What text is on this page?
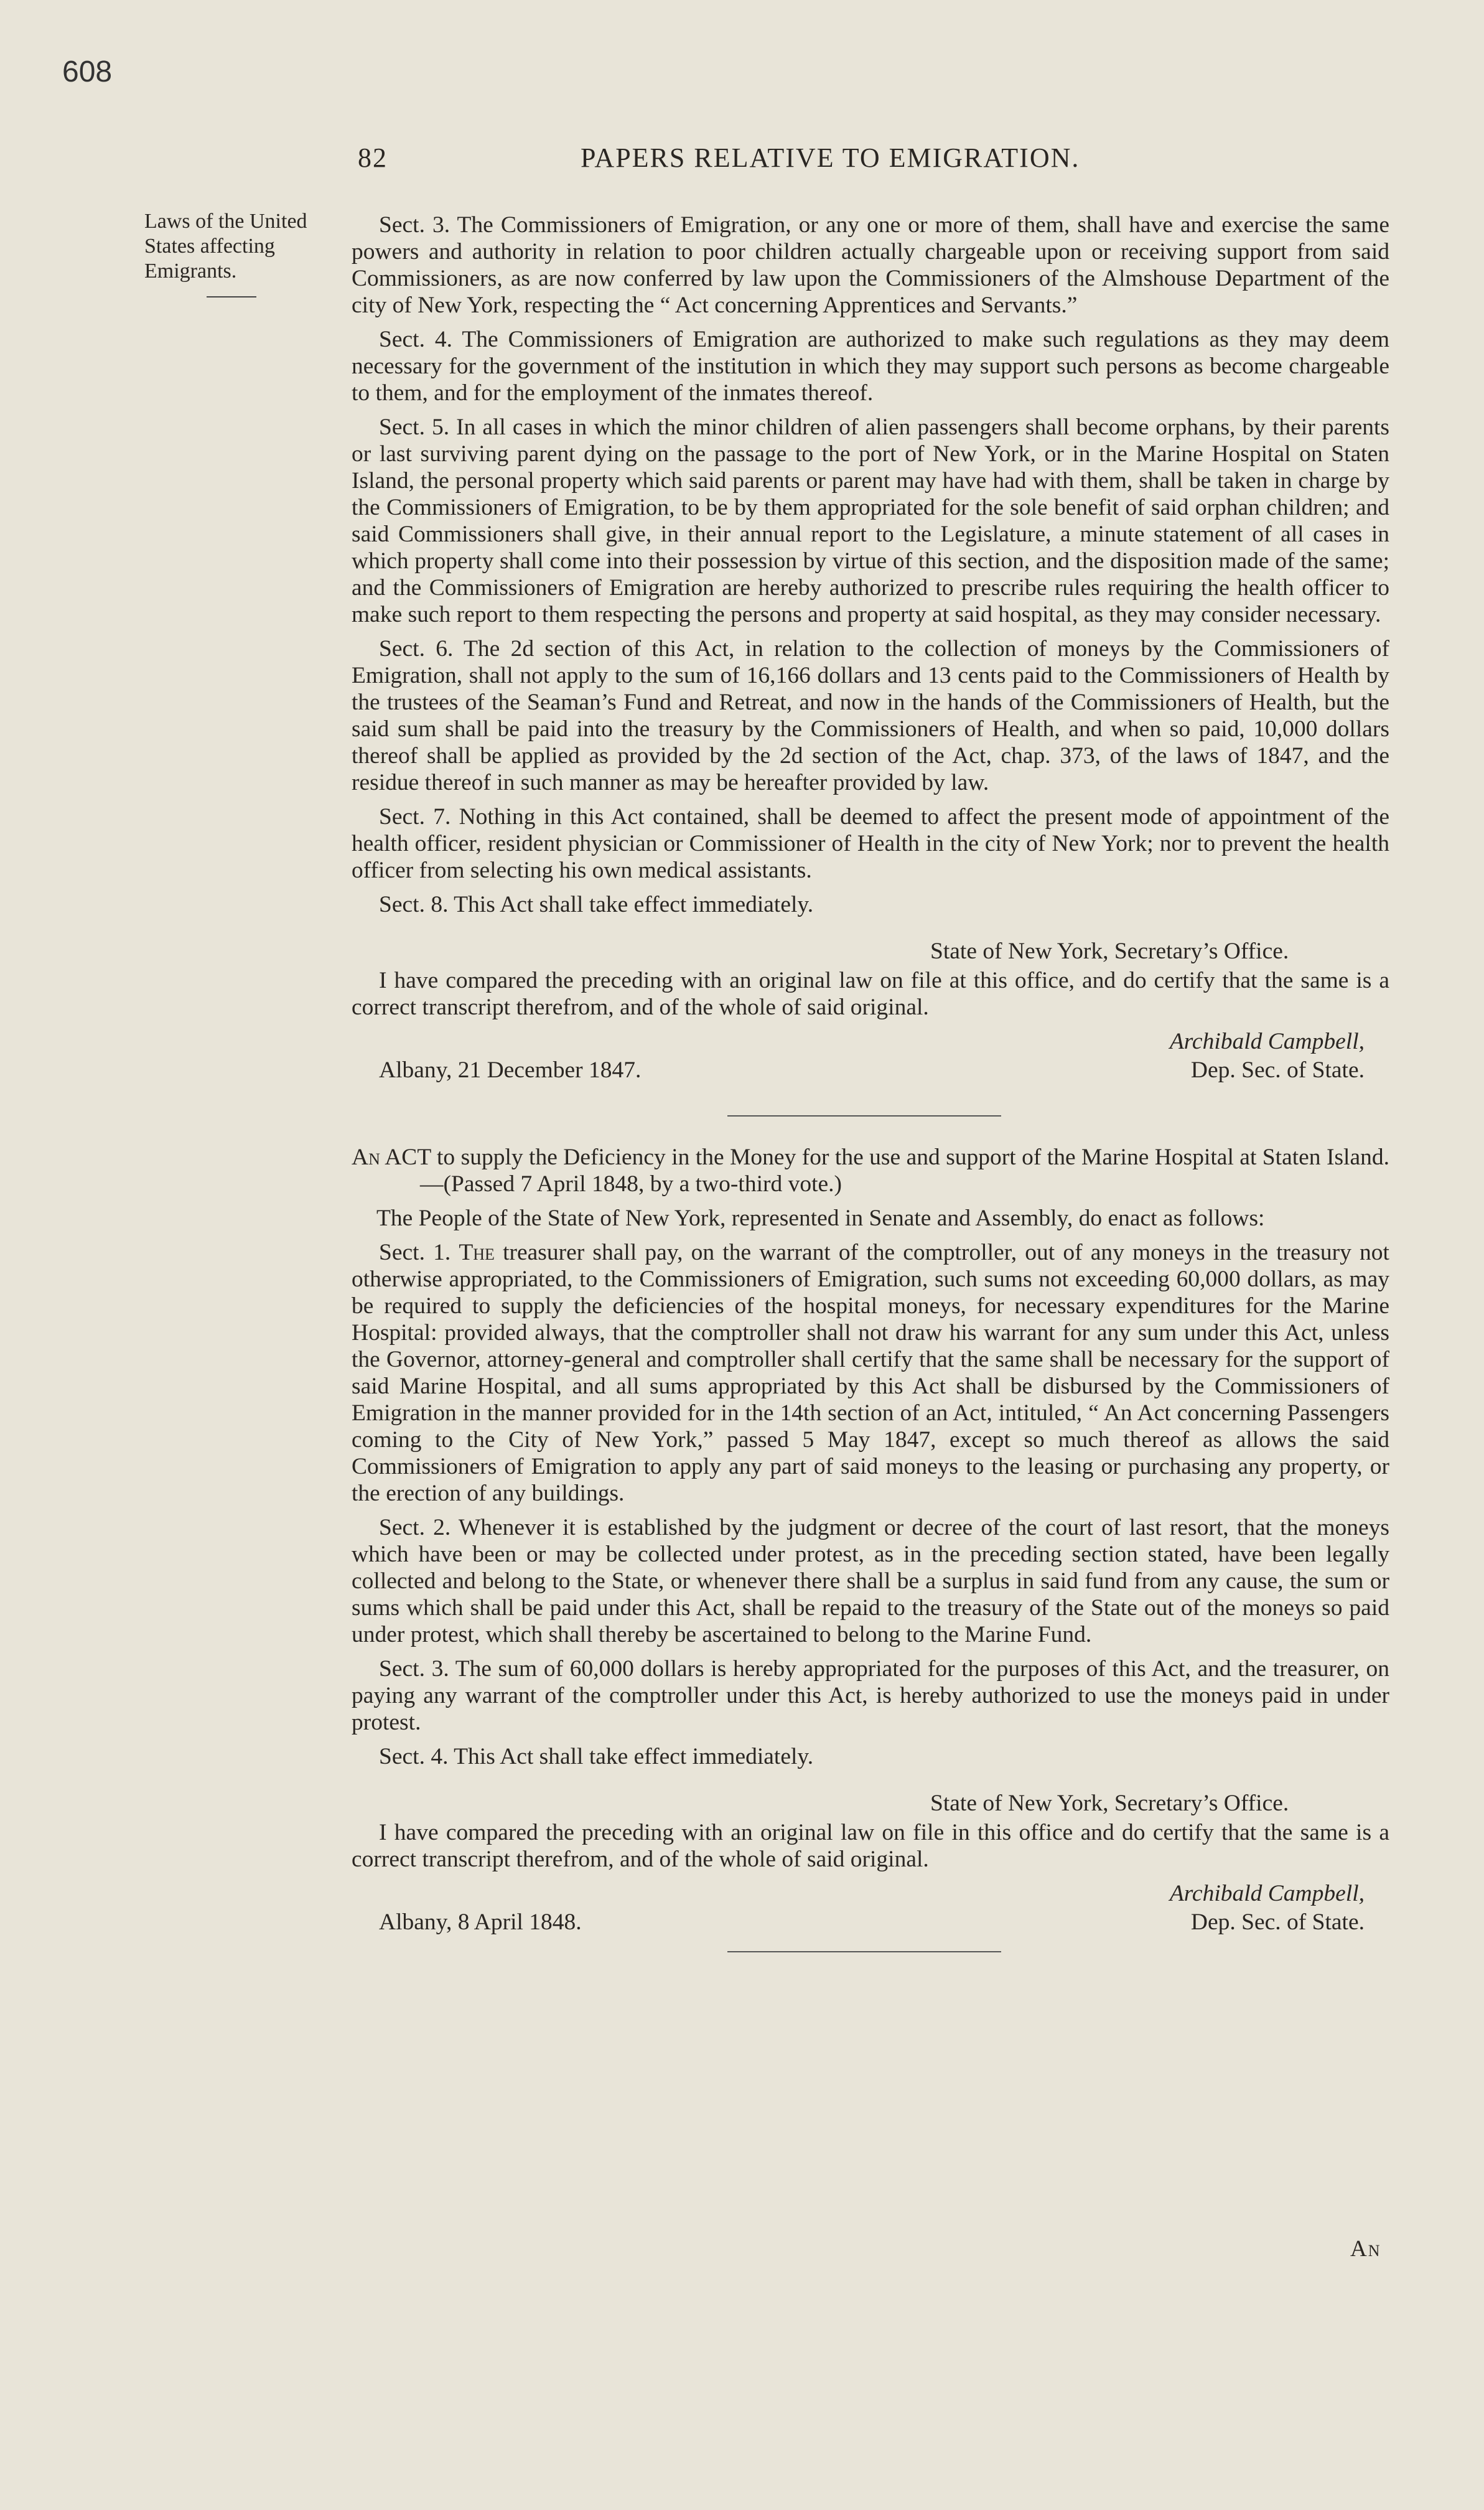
608
82	PAPERS RELATIVE TO EMIGRATION.
Laws of the United
States affecting
Emigrants.

Sect. 3. The Commissioners of Emigration, or any one or more of them, shall have and exercise the same powers and authority in relation to poor children actually chargeable upon or receiving support from said Commissioners, as are now conferred by law upon the Commissioners of the Almshouse Department of the city of New York, respecting the “ Act concerning Apprentices and Servants.”

Sect. 4. The Commissioners of Emigration are authorized to make such regulations as they may deem necessary for the government of the institution in which they may support such persons as become chargeable to them, and for the employment of the inmates thereof.

Sect. 5. In all cases in which the minor children of alien passengers shall become orphans, by their parents or last surviving parent dying on the passage to the port of New York, or in the Marine Hospital on Staten Island, the personal property which said parents or parent may have had with them, shall be taken in charge by the Commissioners of Emigration, to be by them appropriated for the sole benefit of said orphan children; and said Commissioners shall give, in their annual report to the Legislature, a minute statement of all cases in which property shall come into their possession by virtue of this section, and the disposition made of the same; and the Commissioners of Emigration are hereby authorized to prescribe rules requiring the health officer to make such report to them respecting the persons and property at said hospital, as they may consider necessary.

Sect. 6. The 2d section of this Act, in relation to the collection of moneys by the Commissioners of Emigration, shall not apply to the sum of 16,166 dollars and 13 cents paid to the Commissioners of Health by the trustees of the Seaman’s Fund and Retreat, and now in the hands of the Commissioners of Health, but the said sum shall be paid into the treasury by the Commissioners of Health, and when so paid, 10,000 dollars thereof shall be applied as provided by the 2d section of the Act, chap. 373, of the laws of 1847, and the residue thereof in such manner as may be hereafter provided by law.

Sect. 7. Nothing in this Act contained, shall be deemed to affect the present mode of appointment of the health officer, resident physician or Commissioner of Health in the city of New York; nor to prevent the health officer from selecting his own medical assistants.

Sect. 8. This Act shall take effect immediately.

State of New York, Secretary’s Office.

I have compared the preceding with an original law on file at this office, and do certify that the same is a correct transcript therefrom, and of the whole of said original.

Archibald Campbell,
Albany, 21 December 1847.	Dep. Sec. of State.

An ACT to supply the Deficiency in the Money for the use and support of the Marine Hospital at Staten Island.—(Passed 7 April 1848, by a two-third vote.)

The People of the State of New York, represented in Senate and Assembly, do enact as follows:

Sect. 1. The treasurer shall pay, on the warrant of the comptroller, out of any moneys in the treasury not otherwise appropriated, to the Commissioners of Emigration, such sums not exceeding 60,000 dollars, as may be required to supply the deficiencies of the hospital moneys, for necessary expenditures for the Marine Hospital: provided always, that the comptroller shall not draw his warrant for any sum under this Act, unless the Governor, attorney-general and comptroller shall certify that the same shall be necessary for the support of said Marine Hospital, and all sums appropriated by this Act shall be disbursed by the Commissioners of Emigration in the manner provided for in the 14th section of an Act, intituled, “ An Act concerning Passengers coming to the City of New York,” passed 5 May 1847, except so much thereof as allows the said Commissioners of Emigration to apply any part of said moneys to the leasing or purchasing any property, or the erection of any buildings.

Sect. 2. Whenever it is established by the judgment or decree of the court of last resort, that the moneys which have been or may be collected under protest, as in the preceding section stated, have been legally collected and belong to the State, or whenever there shall be a surplus in said fund from any cause, the sum or sums which shall be paid under this Act, shall be repaid to the treasury of the State out of the moneys so paid under protest, which shall thereby be ascertained to belong to the Marine Fund.

Sect. 3. The sum of 60,000 dollars is hereby appropriated for the purposes of this Act, and the treasurer, on paying any warrant of the comptroller under this Act, is hereby authorized to use the moneys paid in under protest.

Sect. 4. This Act shall take effect immediately.

State of New York, Secretary’s Office.

I have compared the preceding with an original law on file in this office and do certify that the same is a correct transcript therefrom, and of the whole of said original.

Archibald Campbell,
Albany, 8 April 1848.	Dep. Sec. of State.
An
